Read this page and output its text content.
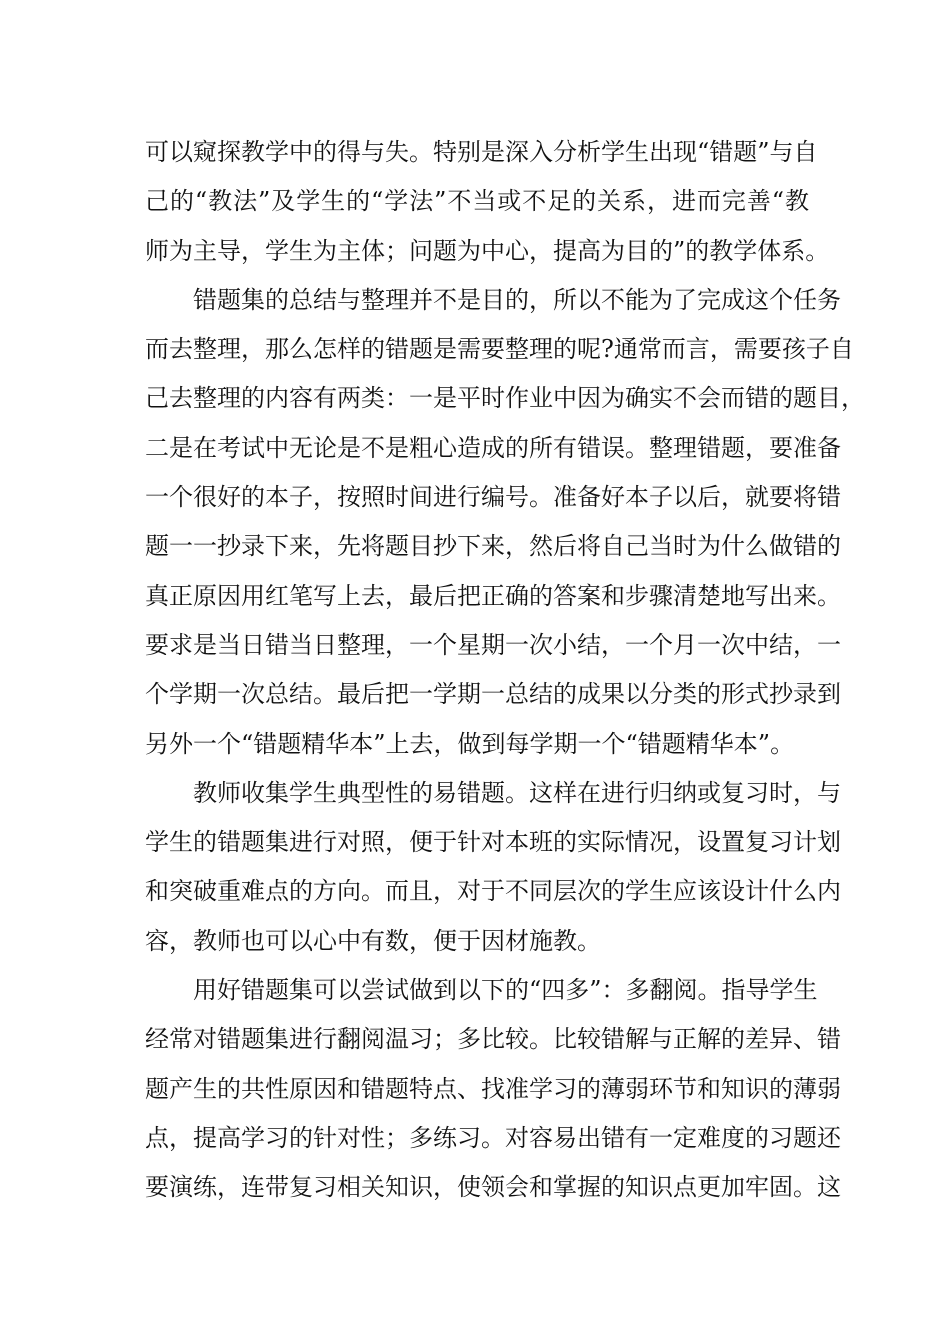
可以窥探教学中的得与失。特别是深入分析学生出现“错题”与自
己的“教法”及学生的“学法”不当或不足的关系，进而完善“教
师为主导，学生为主体；问题为中心，提高为目的”的教学体系。
错题集的总结与整理并不是目的，所以不能为了完成这个任务
而去整理，那么怎样的错题是需要整理的呢?通常而言，需要孩子自
己去整理的内容有两类：一是平时作业中因为确实不会而错的题目，
二是在考试中无论是不是粗心造成的所有错误。整理错题，要准备
一个很好的本子，按照时间进行编号。准备好本子以后，就要将错
题一一抄录下来，先将题目抄下来，然后将自己当时为什么做错的
真正原因用红笔写上去，最后把正确的答案和步骤清楚地写出来。
要求是当日错当日整理，一个星期一次小结，一个月一次中结，一
个学期一次总结。最后把一学期一总结的成果以分类的形式抄录到
另外一个“错题精华本”上去，做到每学期一个“错题精华本”。
教师收集学生典型性的易错题。这样在进行归纳或复习时，与
学生的错题集进行对照，便于针对本班的实际情况，设置复习计划
和突破重难点的方向。而且，对于不同层次的学生应该设计什么内
容，教师也可以心中有数，便于因材施教。
用好错题集可以尝试做到以下的“四多”：多翻阅。指导学生
经常对错题集进行翻阅温习；多比较。比较错解与正解的差异、错
题产生的共性原因和错题特点、找准学习的薄弱环节和知识的薄弱
点，提高学习的针对性；多练习。对容易出错有一定难度的习题还
要演练，连带复习相关知识，使领会和掌握的知识点更加牢固。这
